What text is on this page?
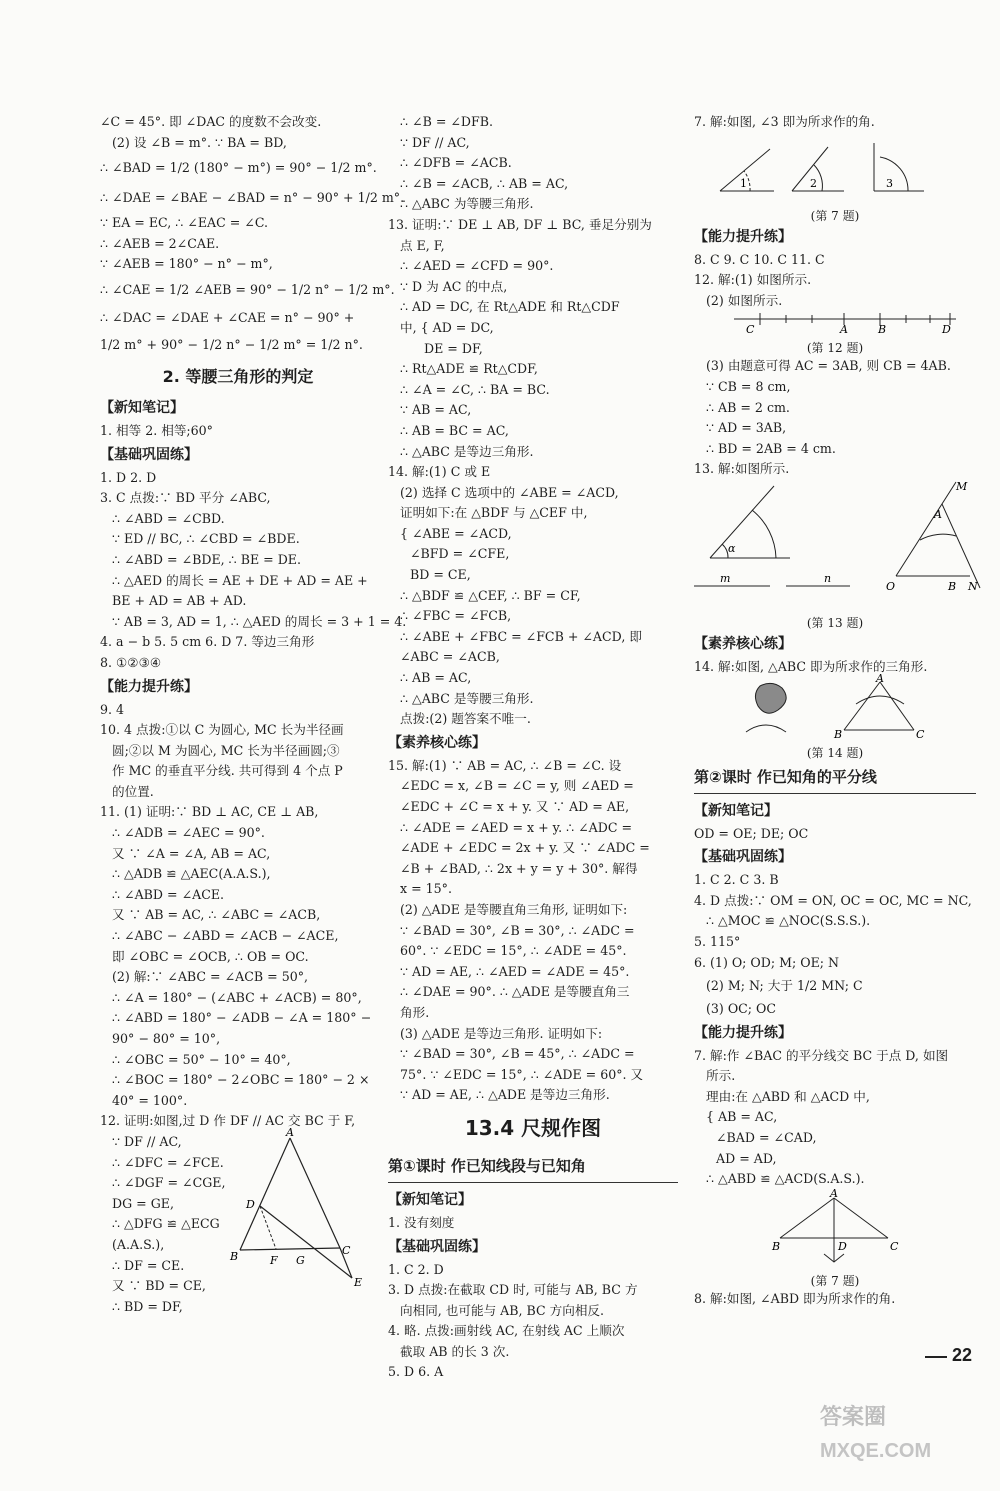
∠C = 45°. 即 ∠DAC 的度数不会改变.
(2) 设 ∠B = m°. ∵ BA = BD,
∴ ∠BAD = 1/2 (180° − m°) = 90° − 1/2 m°.
∴ ∠DAE = ∠BAE − ∠BAD = n° − 90° + 1/2 m°.
∵ EA = EC, ∴ ∠EAC = ∠C.
∴ ∠AEB = 2∠CAE.
∵ ∠AEB = 180° − n° − m°,
∴ ∠CAE = 1/2 ∠AEB = 90° − 1/2 n° − 1/2 m°.
∴ ∠DAC = ∠DAE + ∠CAE = n° − 90° +
1/2 m° + 90° − 1/2 n° − 1/2 m° = 1/2 n°.
2. 等腰三角形的判定
【新知笔记】
1. 相等 2. 相等;60°
【基础巩固练】
1. D 2. D
3. C 点拨:∵ BD 平分 ∠ABC,
∴ ∠ABD = ∠CBD.
∵ ED // BC, ∴ ∠CBD = ∠BDE.
∴ ∠ABD = ∠BDE, ∴ BE = DE.
∴ △AED 的周长 = AE + DE + AD = AE +
BE + AD = AB + AD.
∵ AB = 3, AD = 1, ∴ △AED 的周长 = 3 + 1 = 4.
4. a − b 5. 5 cm 6. D 7. 等边三角形
8. ①②③④
【能力提升练】
9. 4
10. 4 点拨:①以 C 为圆心, MC 长为半径画
圆;②以 M 为圆心, MC 长为半径画圆;③
作 MC 的垂直平分线. 共可得到 4 个点 P
的位置.
11. (1) 证明:∵ BD ⊥ AC, CE ⊥ AB,
∴ ∠ADB = ∠AEC = 90°.
又 ∵ ∠A = ∠A, AB = AC,
∴ △ADB ≌ △AEC(A.A.S.),
∴ ∠ABD = ∠ACE.
又 ∵ AB = AC, ∴ ∠ABC = ∠ACB,
∴ ∠ABC − ∠ABD = ∠ACB − ∠ACE,
即 ∠OBC = ∠OCB, ∴ OB = OC.
(2) 解:∵ ∠ABC = ∠ACB = 50°,
∴ ∠A = 180° − (∠ABC + ∠ACB) = 80°,
∴ ∠ABD = 180° − ∠ADB − ∠A = 180° −
90° − 80° = 10°,
∴ ∠OBC = 50° − 10° = 40°,
∴ ∠BOC = 180° − 2∠OBC = 180° − 2 ×
40° = 100°.
12. 证明:如图,过 D 作 DF // AC 交 BC 于 F,
∵ DF // AC,
∴ ∠DFC = ∠FCE.
∴ ∠DGF = ∠CGE,
DG = GE,
∴ △DFG ≌ △ECG
(A.A.S.),
∴ DF = CE.
又 ∵ BD = CE,
∴ BD = DF,
A
D
B	F G
C
E
∴ ∠B = ∠DFB.
∵ DF // AC,
∴ ∠DFB = ∠ACB.
∴ ∠B = ∠ACB, ∴ AB = AC,
∴ △ABC 为等腰三角形.
13. 证明:∵ DE ⊥ AB, DF ⊥ BC, 垂足分别为
点 E, F,
∴ ∠AED = ∠CFD = 90°.
∵ D 为 AC 的中点,
∴ AD = DC, 在 Rt△ADE 和 Rt△CDF
中, { AD = DC,
DE = DF,
∴ Rt△ADE ≌ Rt△CDF,
∴ ∠A = ∠C, ∴ BA = BC.
∵ AB = AC,
∴ AB = BC = AC,
∴ △ABC 是等边三角形.
14. 解:(1) C 或 E
(2) 选择 C 选项中的 ∠ABE = ∠ACD,
证明如下:在 △BDF 与 △CEF 中,
{ ∠ABE = ∠ACD,
∠BFD = ∠CFE,
BD = CE,
∴ △BDF ≌ △CEF, ∴ BF = CF,
∴ ∠FBC = ∠FCB,
∴ ∠ABE + ∠FBC = ∠FCB + ∠ACD, 即
∠ABC = ∠ACB,
∴ AB = AC,
∴ △ABC 是等腰三角形.
点拨:(2) 题答案不唯一.
【素养核心练】
15. 解:(1) ∵ AB = AC, ∴ ∠B = ∠C. 设
∠EDC = x, ∠B = ∠C = y, 则 ∠AED =
∠EDC + ∠C = x + y. 又 ∵ AD = AE,
∴ ∠ADE = ∠AED = x + y. ∴ ∠ADC =
∠ADE + ∠EDC = 2x + y. 又 ∵ ∠ADC =
∠B + ∠BAD, ∴ 2x + y = y + 30°. 解得
x = 15°.
(2) △ADE 是等腰直角三角形, 证明如下:
∵ ∠BAD = 30°, ∠B = 30°, ∴ ∠ADC =
60°. ∵ ∠EDC = 15°, ∴ ∠ADE = 45°.
∵ AD = AE, ∴ ∠AED = ∠ADE = 45°.
∴ ∠DAE = 90°. ∴ △ADE 是等腰直角三
角形.
(3) △ADE 是等边三角形. 证明如下:
∵ ∠BAD = 30°, ∠B = 45°, ∴ ∠ADC =
75°. ∵ ∠EDC = 15°, ∴ ∠ADE = 60°. 又
∵ AD = AE, ∴ △ADE 是等边三角形.
13.4 尺规作图
第①课时 作已知线段与已知角
【新知笔记】
1. 没有刻度
【基础巩固练】
1. C 2. D
3. D 点拨:在截取 CD 时, 可能与 AB, BC 方
向相同, 也可能与 AB, BC 方向相反.
4. 略. 点拨:画射线 AC, 在射线 AC 上顺次
截取 AB 的长 3 次.
5. D 6. A
7. 解:如图, ∠3 即为所求作的角.
1	2	3
(第 7 题)
【能力提升练】
8. C 9. C 10. C 11. C
12. 解:(1) 如图所示.
(2) 如图所示.
C	A	B	D
(第 12 题)
(3) 由题意可得 AC = 3AB, 则 CB = 4AB.
∵ CB = 8 cm,
∴ AB = 2 cm.
∵ AD = 3AB,
∴ BD = 2AB = 4 cm.
13. 解:如图所示.
α
m	n
M
A
O	B N
(第 13 题)
【素养核心练】
14. 解:如图, △ABC 即为所求作的三角形.
A
B	C
(第 14 题)
第②课时 作已知角的平分线
【新知笔记】
OD = OE; DE; OC
【基础巩固练】
1. C 2. C 3. B
4. D 点拨:∵ OM = ON, OC = OC, MC = NC,
∴ △MOC ≌ △NOC(S.S.S.).
5. 115°
6. (1) O; OD; M; OE; N
(2) M; N; 大于 1/2 MN; C
(3) OC; OC
【能力提升练】
7. 解:作 ∠BAC 的平分线交 BC 于点 D, 如图
所示.
理由:在 △ABD 和 △ACD 中,
{ AB = AC,
∠BAD = ∠CAD,
AD = AD,
∴ △ABD ≌ △ACD(S.A.S.).
A
B	D	C
(第 7 题)
8. 解:如图, ∠ABD 即为所求作的角.
22
答案圈
MXQE.COM
